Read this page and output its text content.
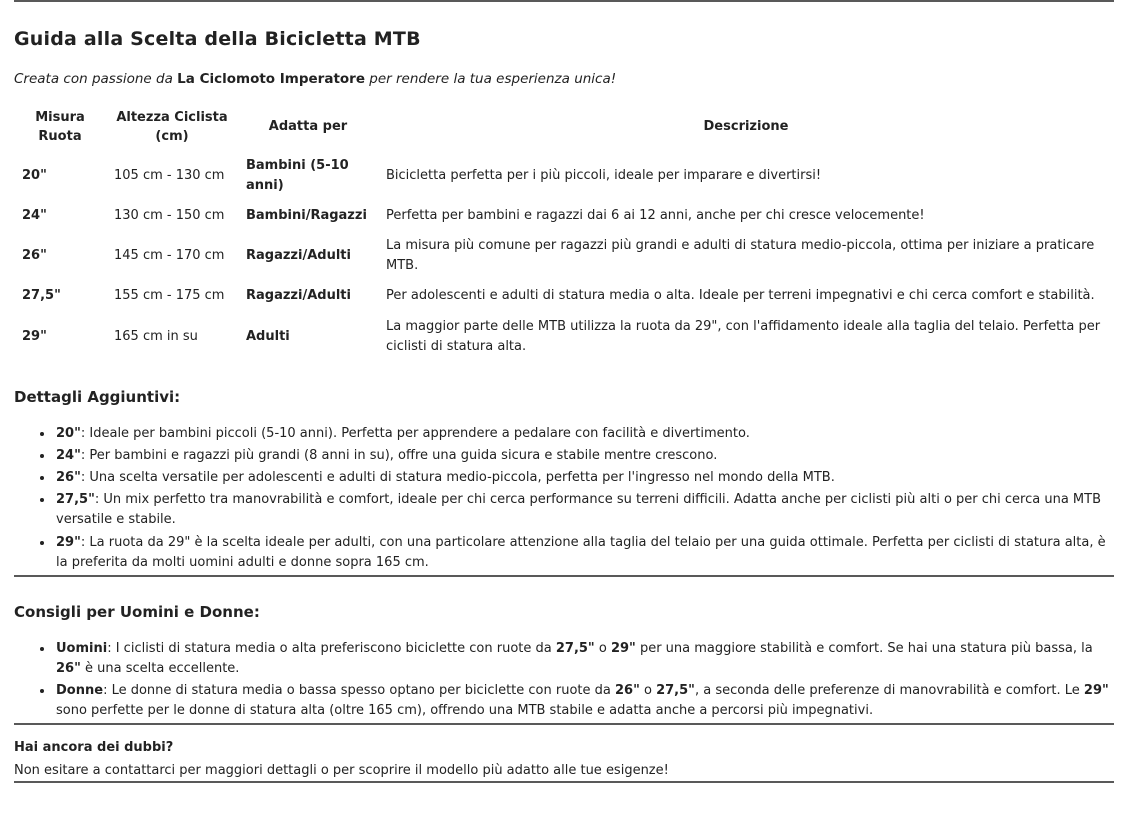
Guida alla Scelta della Bicicletta MTB

Creata con passione da La Ciclomoto Imperatore per rendere la tua esperienza unica!

Misura Ruota	Altezza Ciclista (cm)	Adatta per	Descrizione
20"	105 cm - 130 cm	Bambini (5-10 anni)	Bicicletta perfetta per i più piccoli, ideale per imparare e divertirsi!
24"	130 cm - 150 cm	Bambini/Ragazzi	Perfetta per bambini e ragazzi dai 6 ai 12 anni, anche per chi cresce velocemente!
26"	145 cm - 170 cm	Ragazzi/Adulti	La misura più comune per ragazzi più grandi e adulti di statura medio-piccola, ottima per iniziare a praticare MTB.
27,5"	155 cm - 175 cm	Ragazzi/Adulti	Per adolescenti e adulti di statura media o alta. Ideale per terreni impegnativi e chi cerca comfort e stabilità.
29"	165 cm in su	Adulti	La maggior parte delle MTB utilizza la ruota da 29", con l'affidamento ideale alla taglia del telaio. Perfetta per ciclisti di statura alta.
Dettagli Aggiuntivi:
• 20": Ideale per bambini piccoli (5-10 anni). Perfetta per apprendere a pedalare con facilità e divertimento.
• 24": Per bambini e ragazzi più grandi (8 anni in su), offre una guida sicura e stabile mentre crescono.
• 26": Una scelta versatile per adolescenti e adulti di statura medio-piccola, perfetta per l'ingresso nel mondo della MTB.
• 27,5": Un mix perfetto tra manovrabilità e comfort, ideale per chi cerca performance su terreni difficili. Adatta anche per ciclisti più alti o per chi cerca una MTB versatile e stabile.
• 29": La ruota da 29" è la scelta ideale per adulti, con una particolare attenzione alla taglia del telaio per una guida ottimale. Perfetta per ciclisti di statura alta, è la preferita da molti uomini adulti e donne sopra 165 cm.
Consigli per Uomini e Donne:
• Uomini: I ciclisti di statura media o alta preferiscono biciclette con ruote da 27,5" o 29" per una maggiore stabilità e comfort. Se hai una statura più bassa, la 26" è una scelta eccellente.
• Donne: Le donne di statura media o bassa spesso optano per biciclette con ruote da 26" o 27,5", a seconda delle preferenze di manovrabilità e comfort. Le 29" sono perfette per le donne di statura alta (oltre 165 cm), offrendo una MTB stabile e adatta anche a percorsi più impegnativi.

Hai ancora dei dubbi?

Non esitare a contattarci per maggiori dettagli o per scoprire il modello più adatto alle tue esigenze!
